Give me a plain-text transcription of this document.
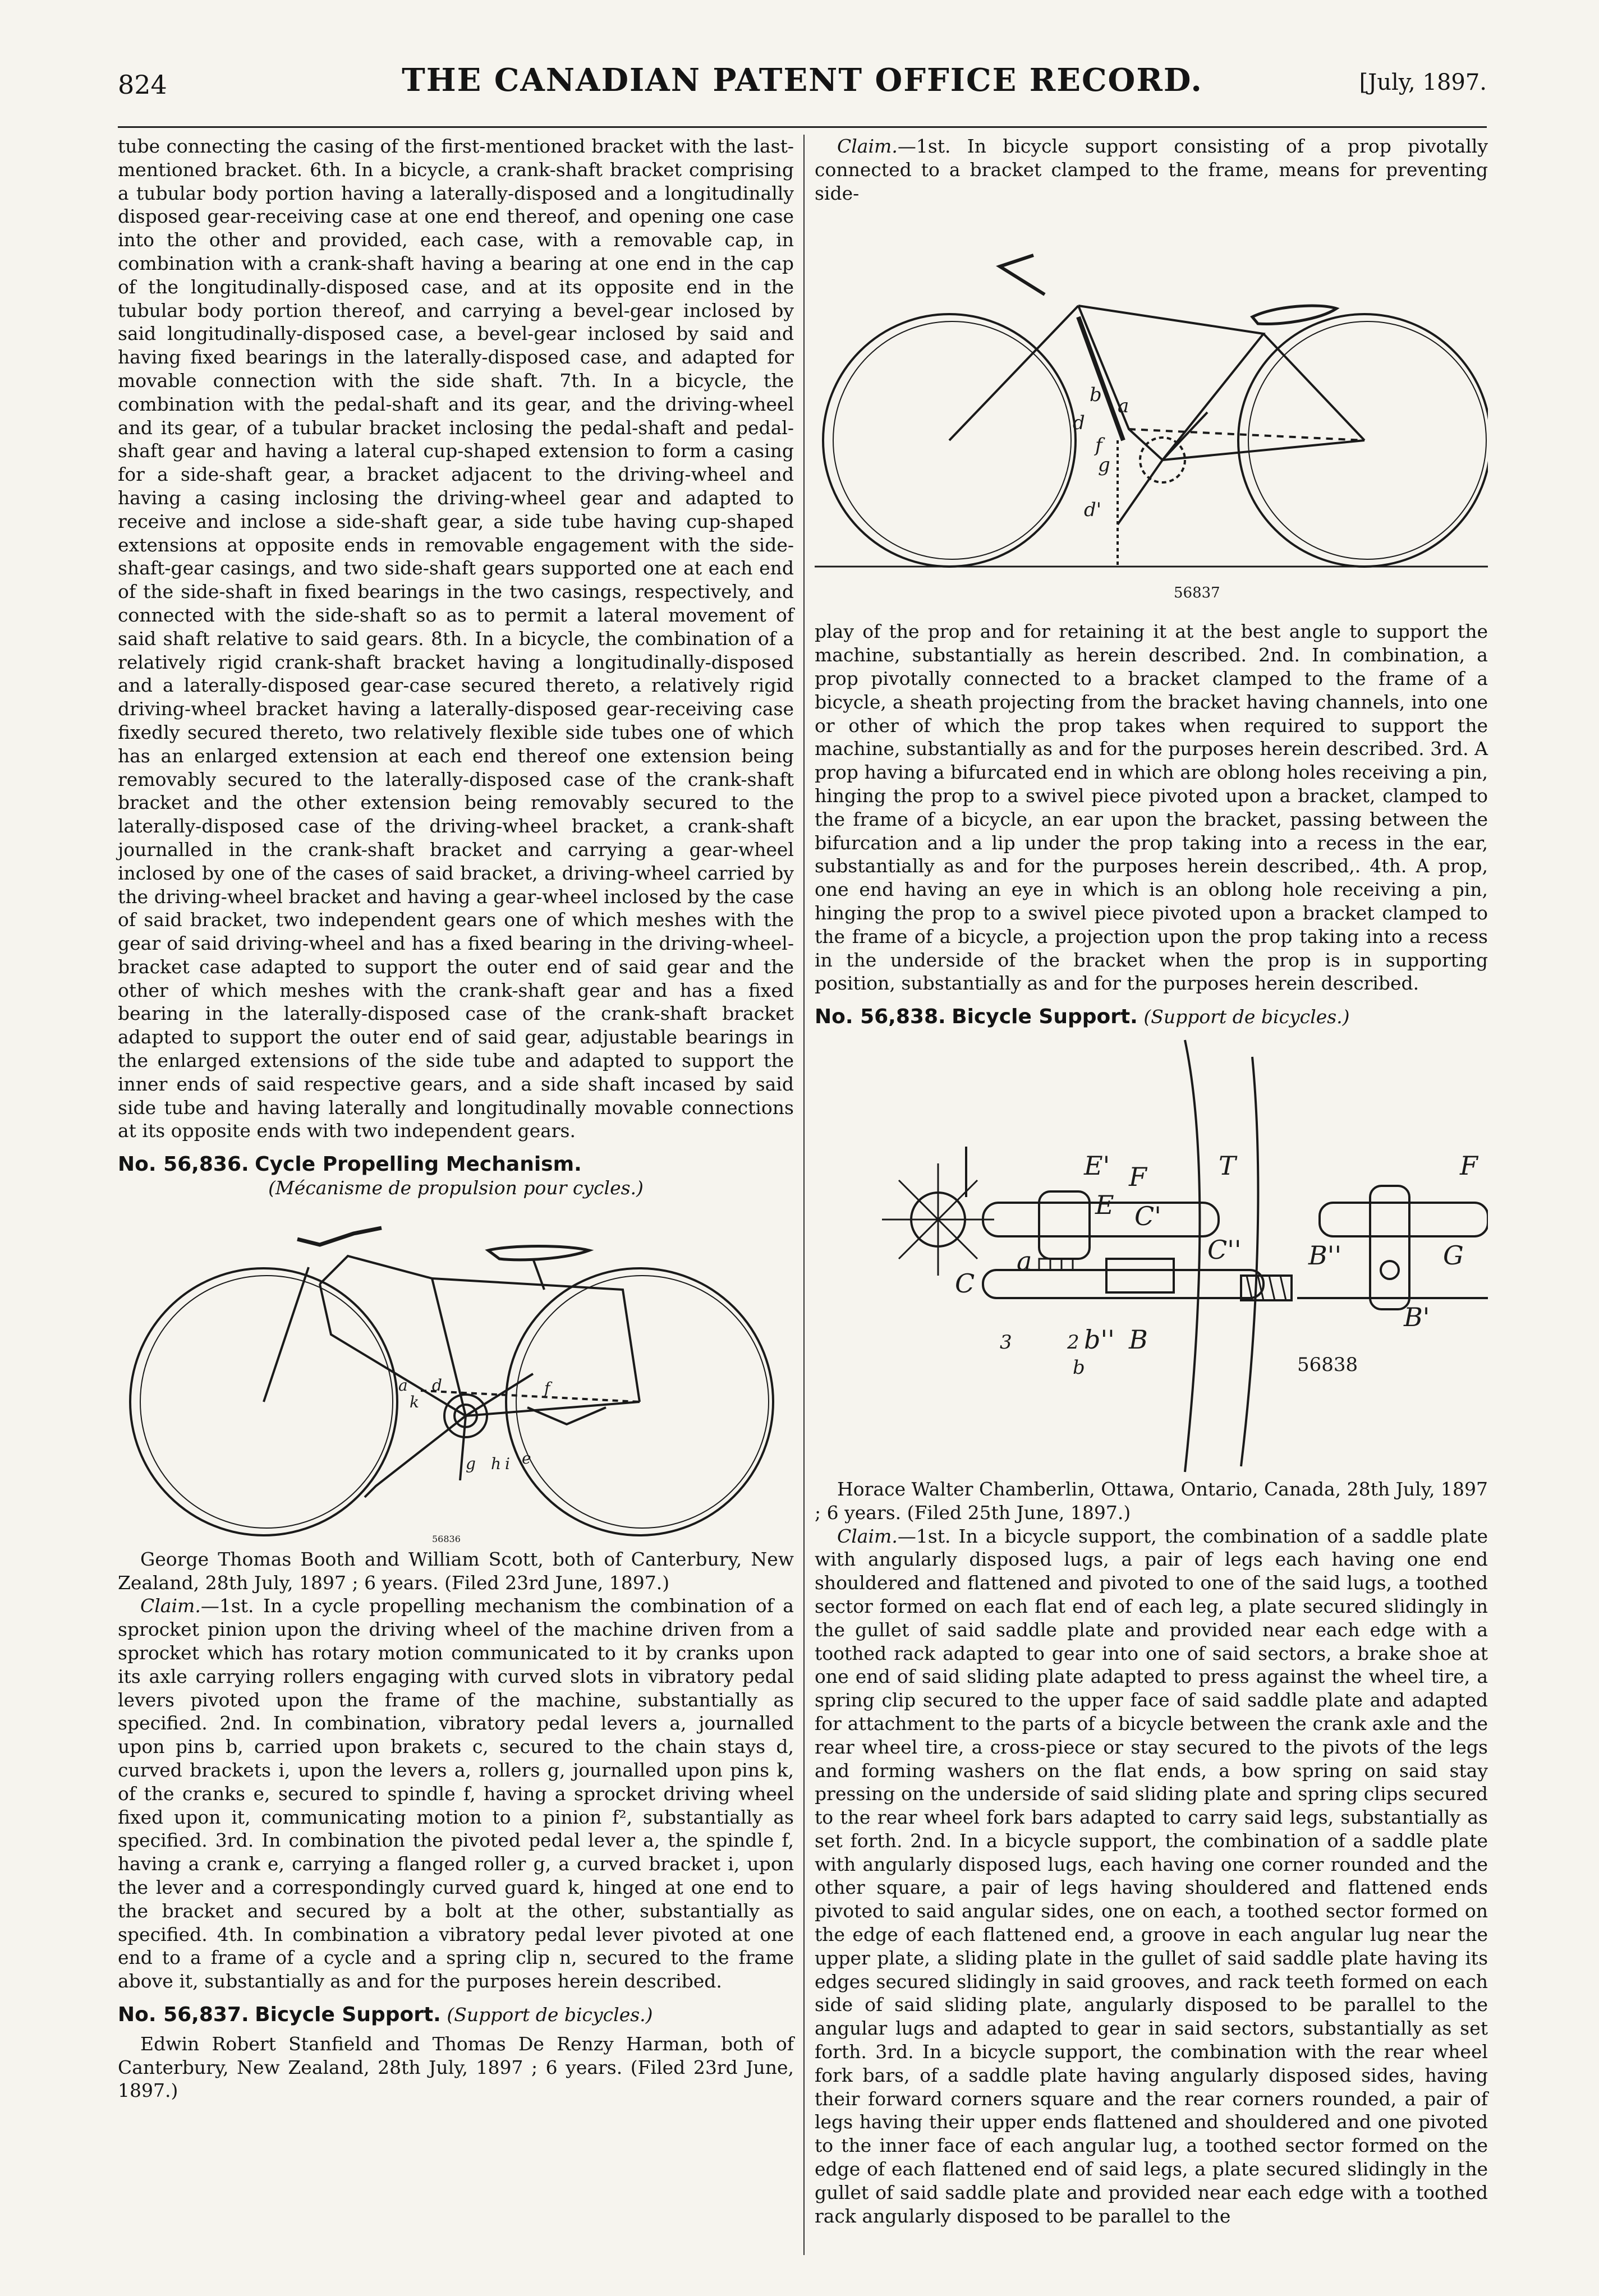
824	THE CANADIAN PATENT OFFICE RECORD.	[July, 1897.

tube connecting the casing of the first-mentioned bracket with the last-mentioned bracket. 6th. In a bicycle, a crank-shaft bracket comprising a tubular body portion having a laterally-disposed and a longitudinally disposed gear-receiving case at one end thereof, and opening one case into the other and provided, each case, with a removable cap, in combination with a crank-shaft having a bearing at one end in the cap of the longitudinally-disposed case, and at its opposite end in the tubular body portion thereof, and carrying a bevel-gear inclosed by said longitudinally-disposed case, a bevel-gear inclosed by said and having fixed bearings in the laterally-disposed case, and adapted for movable connection with the side shaft. 7th. In a bicycle, the combination with the pedal-shaft and its gear, and the driving-wheel and its gear, of a tubular bracket inclosing the pedal-shaft and pedal-shaft gear and having a lateral cup-shaped extension to form a casing for a side-shaft gear, a bracket adjacent to the driving-wheel and having a casing inclosing the driving-wheel gear and adapted to receive and inclose a side-shaft gear, a side tube having cup-shaped extensions at opposite ends in removable engagement with the side-shaft-gear casings, and two side-shaft gears supported one at each end of the side-shaft in fixed bearings in the two casings, respectively, and connected with the side-shaft so as to permit a lateral movement of said shaft relative to said gears. 8th. In a bicycle, the combination of a relatively rigid crank-shaft bracket having a longitudinally-disposed and a laterally-disposed gear-case secured thereto, a relatively rigid driving-wheel bracket having a laterally-disposed gear-receiving case fixedly secured thereto, two relatively flexible side tubes one of which has an enlarged extension at each end thereof one extension being removably secured to the laterally-disposed case of the crank-shaft bracket and the other extension being removably secured to the laterally-disposed case of the driving-wheel bracket, a crank-shaft journalled in the crank-shaft bracket and carrying a gear-wheel inclosed by one of the cases of said bracket, a driving-wheel carried by the driving-wheel bracket and having a gear-wheel inclosed by the case of said bracket, two independent gears one of which meshes with the gear of said driving-wheel and has a fixed bearing in the driving-wheel-bracket case adapted to support the outer end of said gear and the other of which meshes with the crank-shaft gear and has a fixed bearing in the laterally-disposed case of the crank-shaft bracket adapted to support the outer end of said gear, adjustable bearings in the enlarged extensions of the side tube and adapted to support the inner ends of said respective gears, and a side shaft incased by said side tube and having laterally and longitudinally movable connections at its opposite ends with two independent gears.

No. 56,836. Cycle Propelling Mechanism.
(Mécanisme de propulsion pour cycles.)
a d
k
f
g h i e
56836

George Thomas Booth and William Scott, both of Canterbury, New Zealand, 28th July, 1897 ; 6 years. (Filed 23rd June, 1897.)

Claim.—1st. In a cycle propelling mechanism the combination of a sprocket pinion upon the driving wheel of the machine driven from a sprocket which has rotary motion communicated to it by cranks upon its axle carrying rollers engaging with curved slots in vibratory pedal levers pivoted upon the frame of the machine, substantially as specified. 2nd. In combination, vibratory pedal levers a, journalled upon pins b, carried upon brakets c, secured to the chain stays d, curved brackets i, upon the levers a, rollers g, journalled upon pins k, of the cranks e, secured to spindle f, having a sprocket driving wheel fixed upon it, communicating motion to a pinion f², substantially as specified. 3rd. In combination the pivoted pedal lever a, the spindle f, having a crank e, carrying a flanged roller g, a curved bracket i, upon the lever and a correspondingly curved guard k, hinged at one end to the bracket and secured by a bolt at the other, substantially as specified. 4th. In combination a vibratory pedal lever pivoted at one end to a frame of a cycle and a spring clip n, secured to the frame above it, substantially as and for the purposes herein described.

No. 56,837. Bicycle Support. (Support de bicycles.)

Edwin Robert Stanfield and Thomas De Renzy Harman, both of Canterbury, New Zealand, 28th July, 1897 ; 6 years. (Filed 23rd June, 1897.)

Claim.—1st. In bicycle support consisting of a prop pivotally connected to a bracket clamped to the frame, means for preventing side-

b a
d
f
g
d'
56837

play of the prop and for retaining it at the best angle to support the machine, substantially as herein described. 2nd. In combination, a prop pivotally connected to a bracket clamped to the frame of a bicycle, a sheath projecting from the bracket having channels, into one or other of which the prop takes when required to support the machine, substantially as and for the purposes herein described. 3rd. A prop having a bifurcated end in which are oblong holes receiving a pin, hinging the prop to a swivel piece pivoted upon a bracket, clamped to the frame of a bicycle, an ear upon the bracket, passing between the bifurcation and a lip under the prop taking into a recess in the ear, substantially as and for the purposes herein described,. 4th. A prop, one end having an eye in which is an oblong hole receiving a pin, hinging the prop to a swivel piece pivoted upon a bracket clamped to the frame of a bicycle, a projection upon the prop taking into a recess in the underside of the bracket when the prop is in supporting position, substantially as and for the purposes herein described.

No. 56,838. Bicycle Support. (Support de bicycles.)
E' F	T	F
E C'
C''	B''	G
a
C
B'
3	2 b'' B
b	56838

Horace Walter Chamberlin, Ottawa, Ontario, Canada, 28th July, 1897 ; 6 years. (Filed 25th June, 1897.)

Claim.—1st. In a bicycle support, the combination of a saddle plate with angularly disposed lugs, a pair of legs each having one end shouldered and flattened and pivoted to one of the said lugs, a toothed sector formed on each flat end of each leg, a plate secured slidingly in the gullet of said saddle plate and provided near each edge with a toothed rack adapted to gear into one of said sectors, a brake shoe at one end of said sliding plate adapted to press against the wheel tire, a spring clip secured to the upper face of said saddle plate and adapted for attachment to the parts of a bicycle between the crank axle and the rear wheel tire, a cross-piece or stay secured to the pivots of the legs and forming washers on the flat ends, a bow spring on said stay pressing on the underside of said sliding plate and spring clips secured to the rear wheel fork bars adapted to carry said legs, substantially as set forth. 2nd. In a bicycle support, the combination of a saddle plate with angularly disposed lugs, each having one corner rounded and the other square, a pair of legs having shouldered and flattened ends pivoted to said angular sides, one on each, a toothed sector formed on the edge of each flattened end, a groove in each angular lug near the upper plate, a sliding plate in the gullet of said saddle plate having its edges secured slidingly in said grooves, and rack teeth formed on each side of said sliding plate, angularly disposed to be parallel to the angular lugs and adapted to gear in said sectors, substantially as set forth. 3rd. In a bicycle support, the combination with the rear wheel fork bars, of a saddle plate having angularly disposed sides, having their forward corners square and the rear corners rounded, a pair of legs having their upper ends flattened and shouldered and one pivoted to the inner face of each angular lug, a toothed sector formed on the edge of each flattened end of said legs, a plate secured slidingly in the gullet of said saddle plate and provided near each edge with a toothed rack angularly disposed to be parallel to the
